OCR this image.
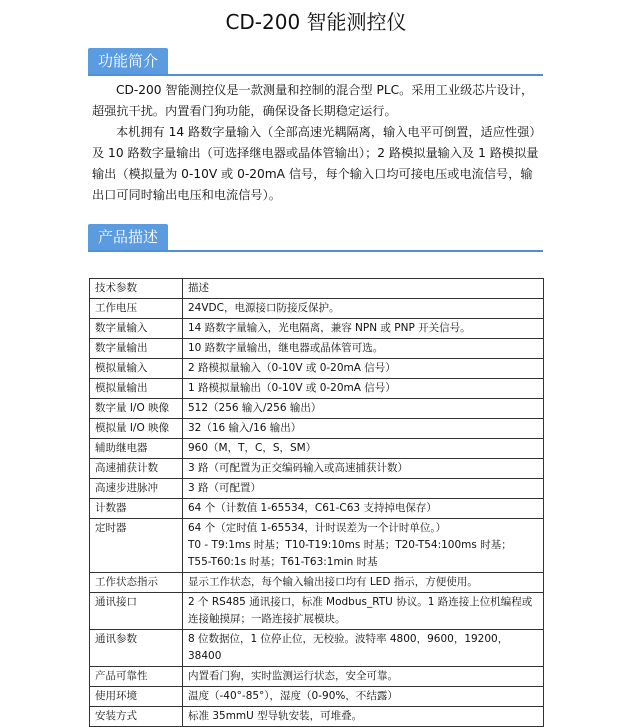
CD-200 智能测控仪
功能简介

CD-200 智能测控仪是一款测量和控制的混合型 PLC。采用工业级芯片设计，超强抗干扰。内置看门狗功能，确保设备长期稳定运行。

本机拥有 14 路数字量输入（全部高速光耦隔离，输入电平可倒置，适应性强）及 10 路数字量输出（可选择继电器或晶体管输出）；2 路模拟量输入及 1 路模拟量输出（模拟量为 0-10V 或 0-20mA 信号，每个输入口均可接电压或电流信号，输出口可同时输出电压和电流信号）。

产品描述
技术参数	描述
工作电压	24VDC，电源接口防接反保护。

数字量输入	14 路数字量输入，光电隔离，兼容 NPN 或 PNP 开关信号。

数字量输出	10 路数字量输出，继电器或晶体管可选。

模拟量输入	2 路模拟量输入（0-10V 或 0-20mA 信号）

模拟量输出	1 路模拟量输出（0-10V 或 0-20mA 信号）

数字量 I/O 映像	512（256 输入/256 输出）

模拟量 I/O 映像	32（16 输入/16 输出）

辅助继电器	960（M，T，C，S，SM）

高速捕获计数	3 路（可配置为正交编码输入或高速捕获计数）

高速步进脉冲	3 路（可配置）

计数器	64 个（计数值 1-65534，C61-C63 支持掉电保存）

定时器	64 个（定时值 1-65534，计时误差为一个计时单位。）
T0 - T9:1ms 时基；T10-T19:10ms 时基；T20-T54:100ms 时基；
T55-T60:1s 时基；T61-T63:1min 时基

工作状态指示	显示工作状态，每个输入输出接口均有 LED 指示，方便使用。

通讯接口	2 个 RS485 通讯接口，标准 Modbus_RTU 协议。1 路连接上位机编程或连接触摸屏；一路连接扩展模块。

通讯参数	8 位数据位，1 位停止位，无校验。波特率 4800，9600，19200，38400

产品可靠性	内置看门狗，实时监测运行状态，安全可靠。

使用环境	温度（-40°-85°），湿度（0-90%，不结露）

安装方式	标准 35mmU 型导轨安装，可堆叠。
